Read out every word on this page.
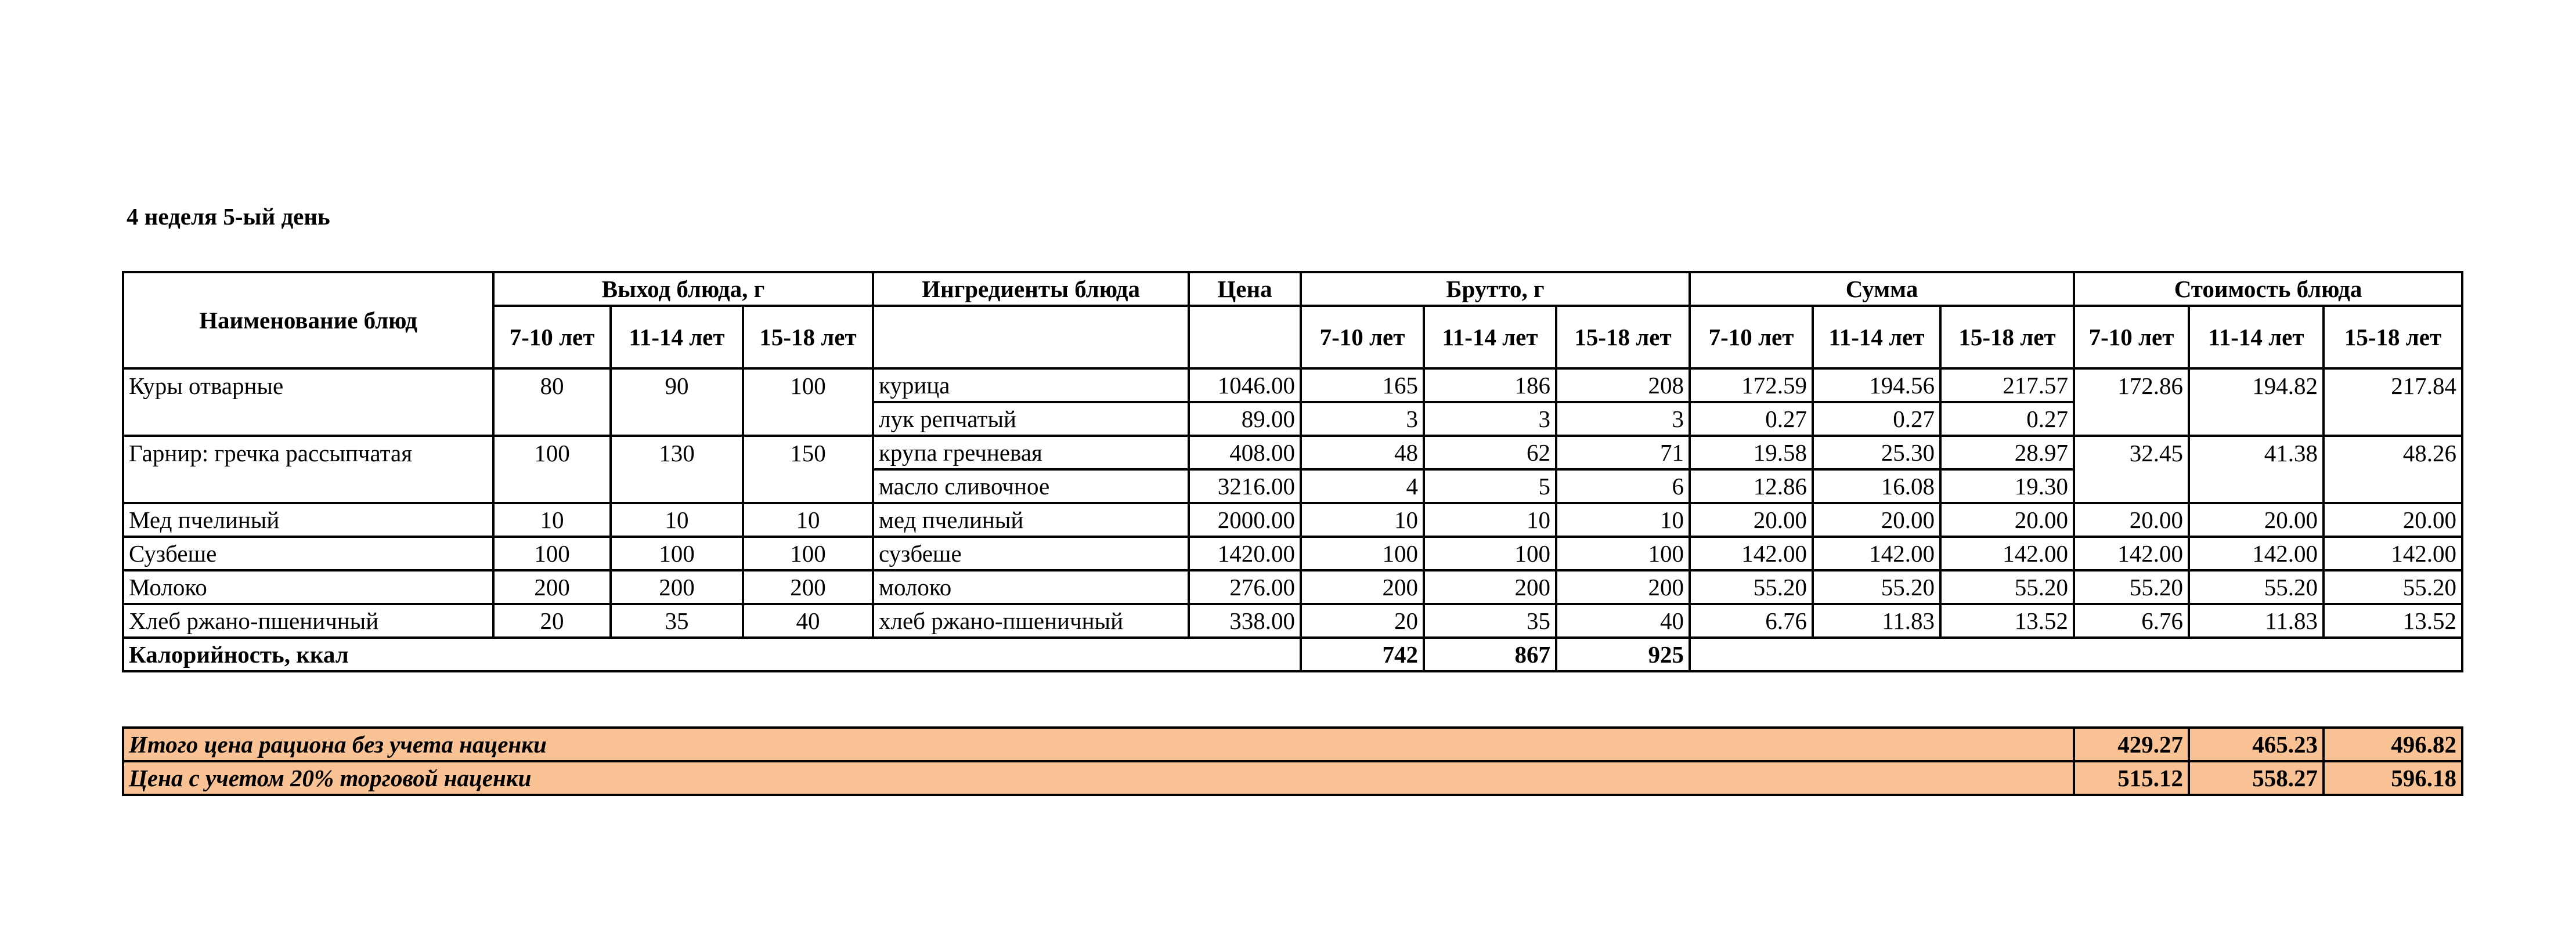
4 неделя 5-ый день
Наименование блюд	Выход блюда, г			Ингредиенты блюда	Цена	Брутто, г			Сумма			Стоимость блюда		
	7-10 лет	11-14 лет	15-18 лет			7-10 лет	11-14 лет	15-18 лет	7-10 лет	11-14 лет	15-18 лет	7-10 лет	11-14 лет	15-18 лет
Куры отварные	80	90	100	курица	1046.00	165	186	208	172.59	194.56	217.57	172.86	194.82	217.84
				лук репчатый	89.00	3	3	3	0.27	0.27	0.27			
Гарнир: гречка рассыпчатая	100	130	150	крупа гречневая	408.00	48	62	71	19.58	25.30	28.97	32.45	41.38	48.26
				масло сливочное	3216.00	4	5	6	12.86	16.08	19.30			
Мед пчелиный	10	10	10	мед пчелиный	2000.00	10	10	10	20.00	20.00	20.00	20.00	20.00	20.00
Сузбеше	100	100	100	сузбеше	1420.00	100	100	100	142.00	142.00	142.00	142.00	142.00	142.00
Молоко	200	200	200	молоко	276.00	200	200	200	55.20	55.20	55.20	55.20	55.20	55.20
Хлеб ржано-пшеничный	20	35	40	хлеб ржано-пшеничный	338.00	20	35	40	6.76	11.83	13.52	6.76	11.83	13.52
Калорийность, ккал						742	867	925						
Итого цена рациона без учета наценки	429.27	465.23	496.82
Цена с учетом 20% торговой наценки	515.12	558.27	596.18
